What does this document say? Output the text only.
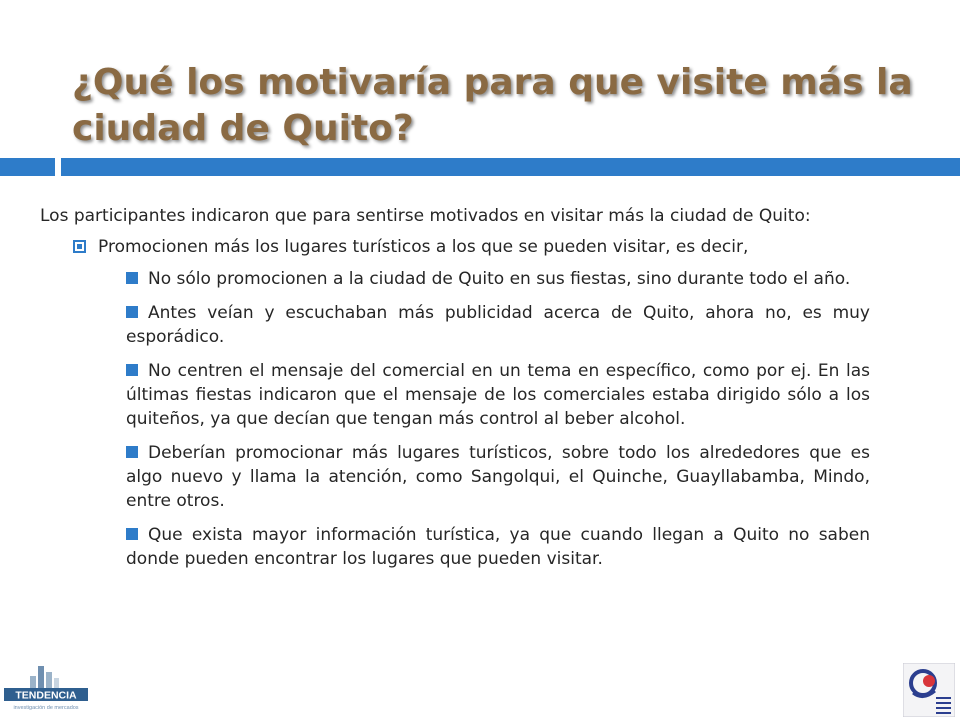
¿Qué los motivaría para que visite más la ciudad de Quito?

Los participantes indicaron que para sentirse motivados en visitar más la ciudad de Quito:

Promocionen más los lugares turísticos a los que se pueden visitar, es decir,
No sólo promocionen a la ciudad de Quito en sus fiestas, sino durante todo el año.
Antes veían y escuchaban más publicidad acerca de Quito, ahora no, es muy esporádico.
No centren el mensaje del comercial en un tema en específico, como por ej. En las últimas fiestas indicaron que el mensaje de los comerciales estaba dirigido sólo a los quiteños, ya que decían que tengan más control al beber alcohol.
Deberían promocionar más lugares turísticos, sobre todo los alrededores que es algo nuevo y llama la atención, como Sangolqui, el Quinche, Guayllabamba, Mindo, entre otros.
Que exista mayor información turística, ya que cuando llegan a Quito no saben donde pueden encontrar los lugares que pueden visitar.
TENDENCIA
investigación de mercados
